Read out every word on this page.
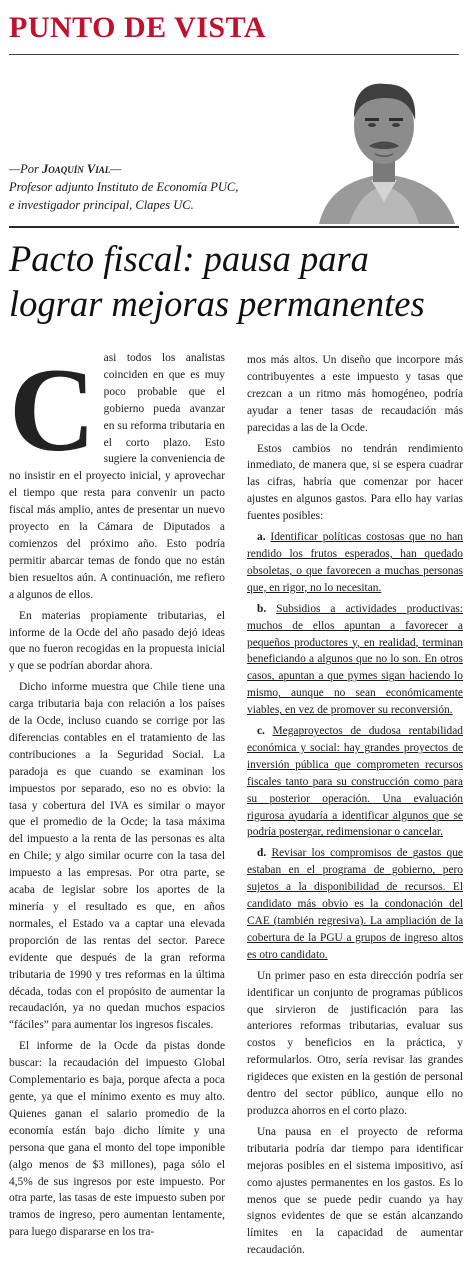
PUNTO DE VISTA
—Por Joaquín Vial—
Profesor adjunto Instituto de Economía PUC,
e investigador principal, Clapes UC.
Pacto fiscal: pausa para lograr mejoras permanentes

Casi todos los analistas coinciden en que es muy poco probable que el gobierno pueda avanzar en su reforma tributaria en el corto plazo. Esto sugiere la conveniencia de no insistir en el proyecto inicial, y aprovechar el tiempo que resta para convenir un pacto fiscal más amplio, antes de presentar un nuevo proyecto en la Cámara de Diputados a comienzos del próximo año. Esto podría permitir abarcar temas de fondo que no están bien resueltos aún. A continuación, me refiero a algunos de ellos.

En materias propiamente tributarias, el informe de la Ocde del año pasado dejó ideas que no fueron recogidas en la propuesta inicial y que se podrían abordar ahora.

Dicho informe muestra que Chile tiene una carga tributaria baja con relación a los países de la Ocde, incluso cuando se corrige por las diferencias contables en el tratamiento de las contribuciones a la Seguridad Social. La paradoja es que cuando se examinan los impuestos por separado, eso no es obvio: la tasa y cobertura del IVA es similar o mayor que el promedio de la Ocde; la tasa máxima del impuesto a la renta de las personas es alta en Chile; y algo similar ocurre con la tasa del impuesto a las empresas. Por otra parte, se acaba de legislar sobre los aportes de la minería y el resultado es que, en años normales, el Estado va a captar una elevada proporción de las rentas del sector. Parece evidente que después de la gran reforma tributaria de 1990 y tres reformas en la última década, todas con el propósito de aumentar la recaudación, ya no quedan muchos espacios “fáciles” para aumentar los ingresos fiscales.

El informe de la Ocde da pistas donde buscar: la recaudación del impuesto Global Complementario es baja, porque afecta a poca gente, ya que el mínimo exento es muy alto. Quienes ganan el salario promedio de la economía están bajo dicho límite y una persona que gana el monto del tope imponible (algo menos de $3 millones), paga sólo el 4,5% de sus ingresos por este impuesto. Por otra parte, las tasas de este impuesto suben por tramos de ingreso, pero aumentan lentamente, para luego dispararse en los tra-

mos más altos. Un diseño que incorpore más contribuyentes a este impuesto y tasas que crezcan a un ritmo más homogéneo, podría ayudar a tener tasas de recaudación más parecidas a las de la Ocde.

Estos cambios no tendrán rendimiento inmediato, de manera que, si se espera cuadrar las cifras, habría que comenzar por hacer ajustes en algunos gastos. Para ello hay varias fuentes posibles:

a. Identificar políticas costosas que no han rendido los frutos esperados, han quedado obsoletas, o que favorecen a muchas personas que, en rigor, no lo necesitan.

b. Subsidios a actividades productivas: muchos de ellos apuntan a favorecer a pequeños productores y, en realidad, terminan beneficiando a algunos que no lo son. En otros casos, apuntan a que pymes sigan haciendo lo mismo, aunque no sean económicamente viables, en vez de promover su reconversión.

c. Megaproyectos de dudosa rentabilidad económica y social: hay grandes proyectos de inversión pública que comprometen recursos fiscales tanto para su construcción como para su posterior operación. Una evaluación rigurosa ayudaría a identificar algunos que se podría postergar, redimensionar o cancelar.

d. Revisar los compromisos de gastos que estaban en el programa de gobierno, pero sujetos a la disponibilidad de recursos. El candidato más obvio es la condonación del CAE (también regresiva). La ampliación de la cobertura de la PGU a grupos de ingreso altos es otro candidato.

Un primer paso en esta dirección podría ser identificar un conjunto de programas públicos que sirvieron de justificación para las anteriores reformas tributarias, evaluar sus costos y beneficios en la práctica, y reformularlos. Otro, sería revisar las grandes rigideces que existen en la gestión de personal dentro del sector público, aunque ello no produzca ahorros en el corto plazo.

Una pausa en el proyecto de reforma tributaria podría dar tiempo para identificar mejoras posibles en el sistema impositivo, así como ajustes permanentes en los gastos. Es lo menos que se puede pedir cuando ya hay signos evidentes de que se están alcanzando límites en la capacidad de aumentar recaudación.
